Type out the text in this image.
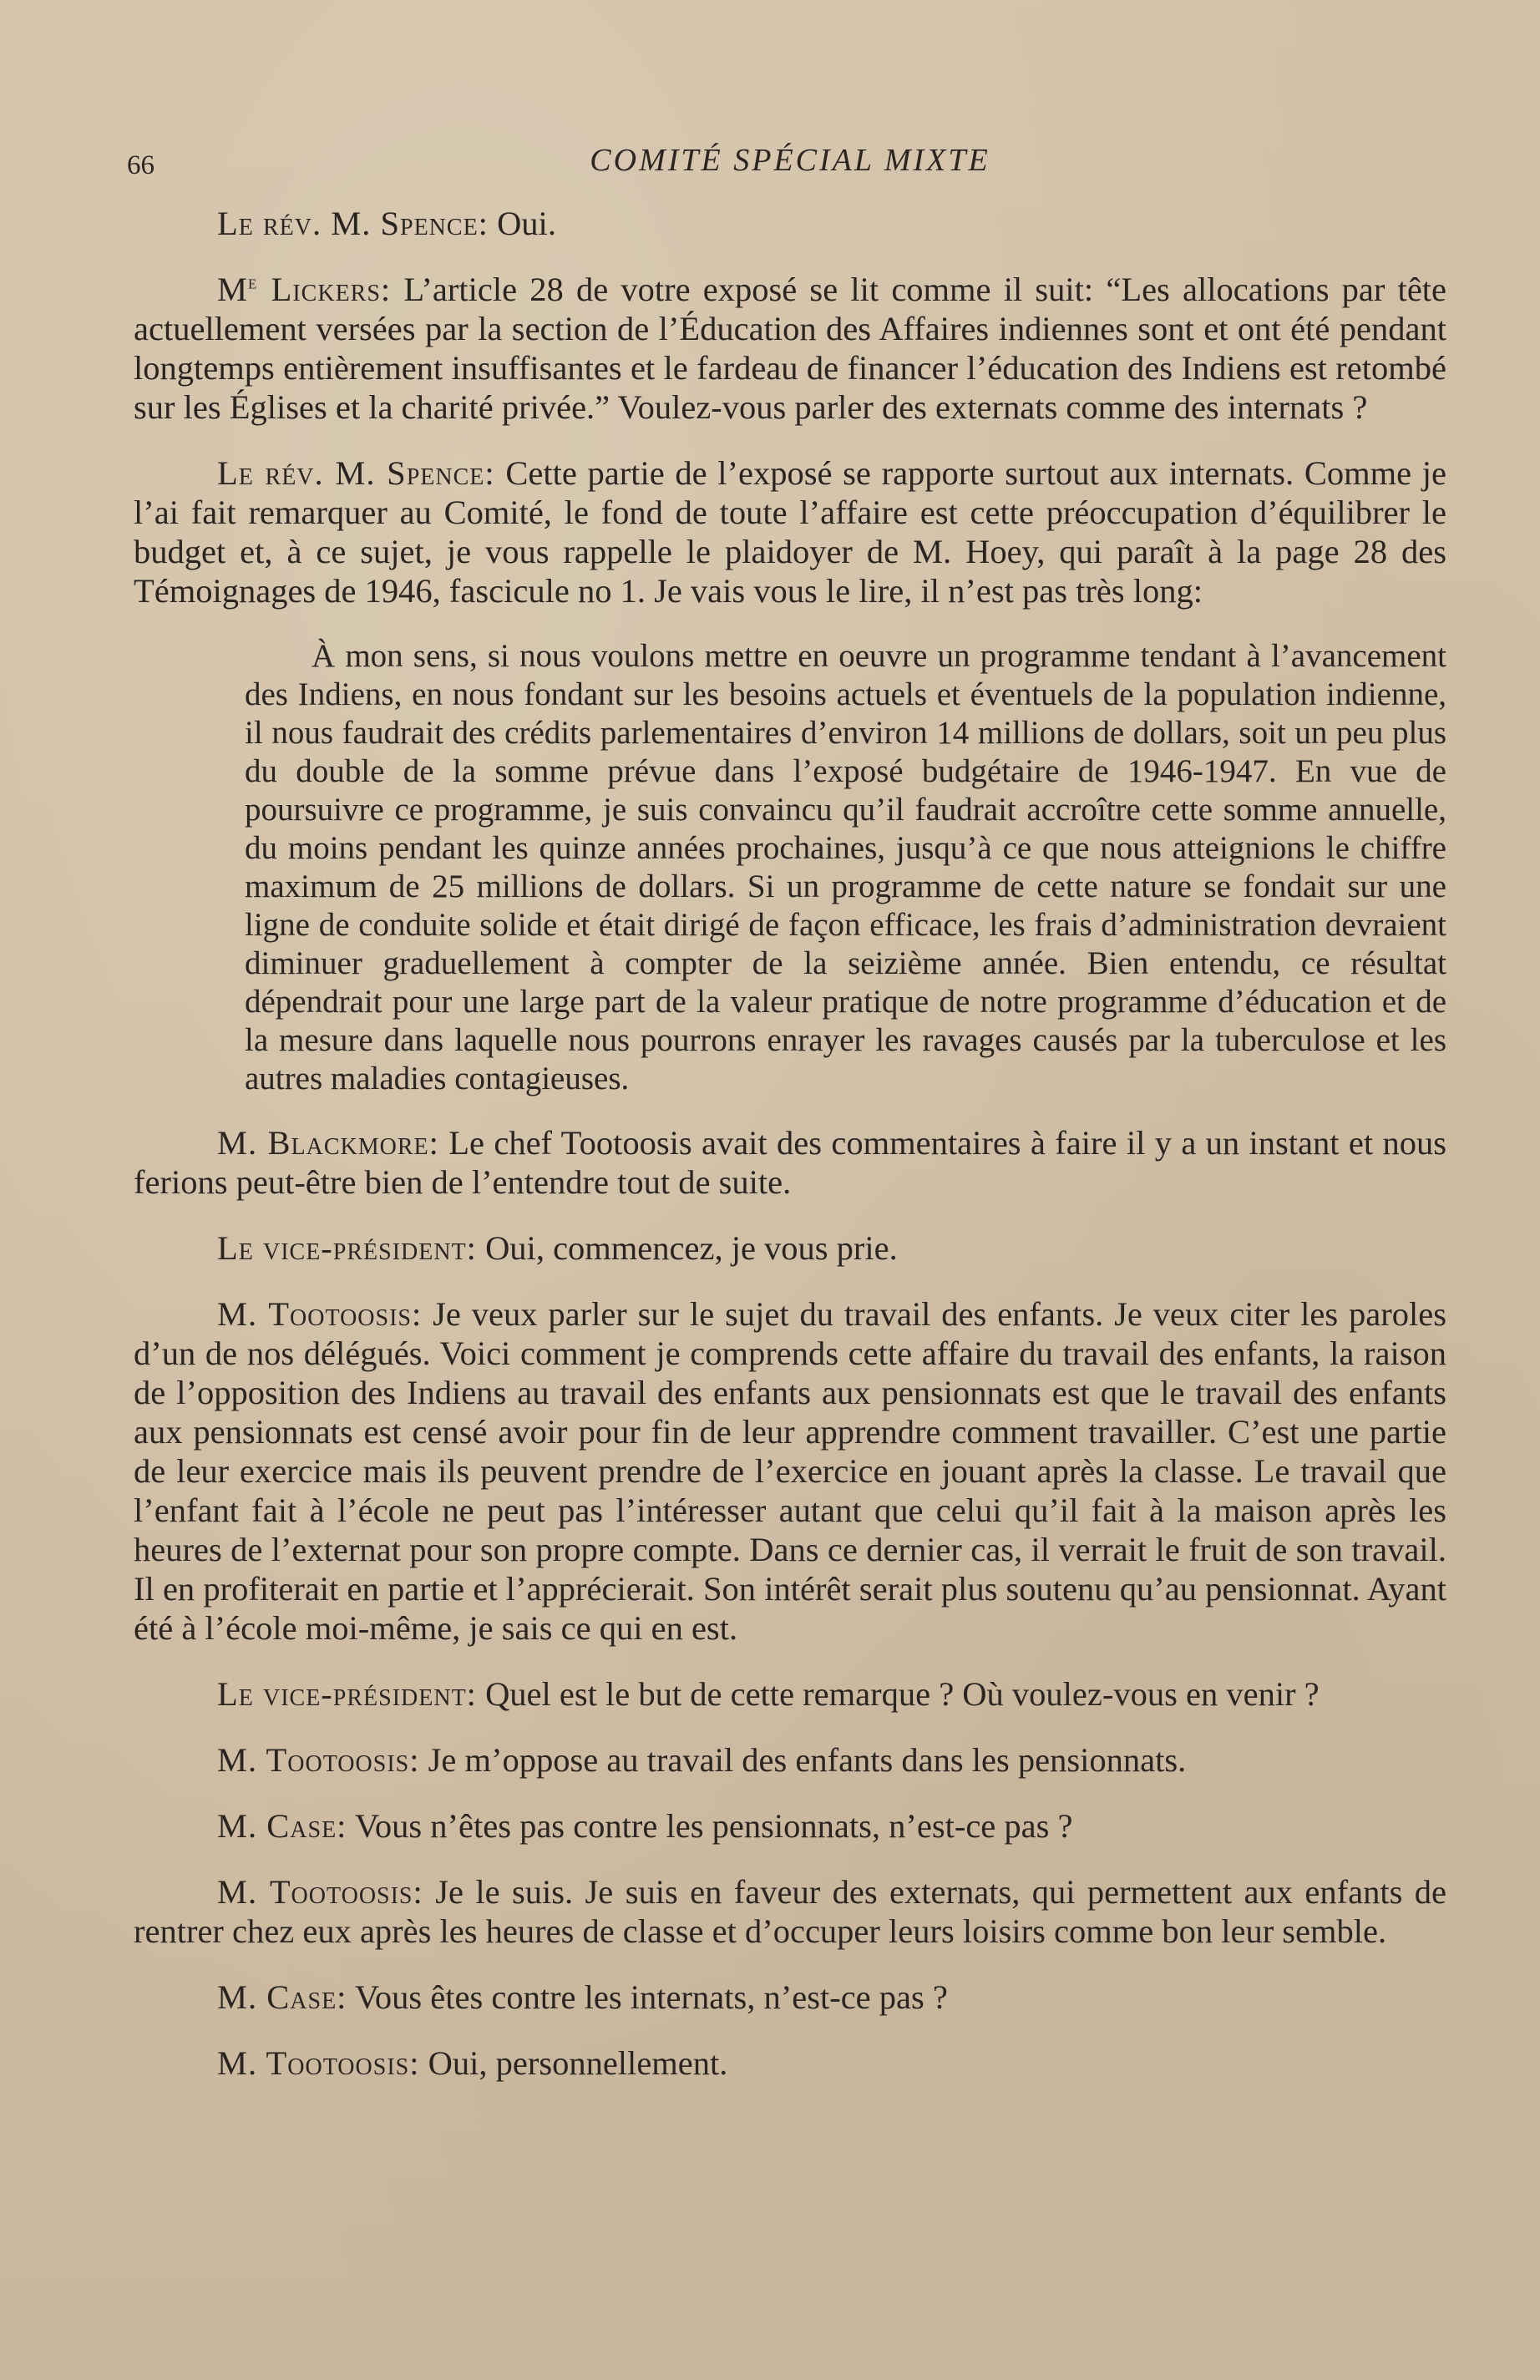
66	COMITÉ SPÉCIAL MIXTE

Le rév. M. Spence: Oui.

Me Lickers: L’article 28 de votre exposé se lit comme il suit: “Les allocations par tête actuellement versées par la section de l’Éducation des Affaires indiennes sont et ont été pendant longtemps entièrement insuffisantes et le fardeau de financer l’éducation des Indiens est retombé sur les Églises et la charité privée.” Voulez-vous parler des externats comme des internats ?

Le rév. M. Spence: Cette partie de l’exposé se rapporte surtout aux internats. Comme je l’ai fait remarquer au Comité, le fond de toute l’affaire est cette préoccupation d’équilibrer le budget et, à ce sujet, je vous rappelle le plaidoyer de M. Hoey, qui paraît à la page 28 des Témoignages de 1946, fascicule no 1. Je vais vous le lire, il n’est pas très long:

À mon sens, si nous voulons mettre en oeuvre un programme tendant à l’avancement des Indiens, en nous fondant sur les besoins actuels et éventuels de la population indienne, il nous faudrait des crédits parlementaires d’environ 14 millions de dollars, soit un peu plus du double de la somme prévue dans l’exposé budgétaire de 1946-1947. En vue de poursuivre ce programme, je suis convaincu qu’il faudrait accroître cette somme annuelle, du moins pendant les quinze années prochaines, jusqu’à ce que nous atteignions le chiffre maximum de 25 millions de dollars. Si un programme de cette nature se fondait sur une ligne de conduite solide et était dirigé de façon efficace, les frais d’administration devraient diminuer graduellement à compter de la seizième année. Bien entendu, ce résultat dépendrait pour une large part de la valeur pratique de notre programme d’éducation et de la mesure dans laquelle nous pourrons enrayer les ravages causés par la tuberculose et les autres maladies contagieuses.

M. Blackmore: Le chef Tootoosis avait des commentaires à faire il y a un instant et nous ferions peut-être bien de l’entendre tout de suite.

Le vice-président: Oui, commencez, je vous prie.

M. Tootoosis: Je veux parler sur le sujet du travail des enfants. Je veux citer les paroles d’un de nos délégués. Voici comment je comprends cette affaire du travail des enfants, la raison de l’opposition des Indiens au travail des enfants aux pensionnats est que le travail des enfants aux pensionnats est censé avoir pour fin de leur apprendre comment travailler. C’est une partie de leur exercice mais ils peuvent prendre de l’exercice en jouant après la classe. Le travail que l’enfant fait à l’école ne peut pas l’intéresser autant que celui qu’il fait à la maison après les heures de l’externat pour son propre compte. Dans ce dernier cas, il verrait le fruit de son travail. Il en profiterait en partie et l’apprécierait. Son intérêt serait plus soutenu qu’au pensionnat. Ayant été à l’école moi-même, je sais ce qui en est.

Le vice-président: Quel est le but de cette remarque ? Où voulez-vous en venir ?

M. Tootoosis: Je m’oppose au travail des enfants dans les pensionnats.

M. Case: Vous n’êtes pas contre les pensionnats, n’est-ce pas ?

M. Tootoosis: Je le suis. Je suis en faveur des externats, qui permettent aux enfants de rentrer chez eux après les heures de classe et d’occuper leurs loisirs comme bon leur semble.

M. Case: Vous êtes contre les internats, n’est-ce pas ?

M. Tootoosis: Oui, personnellement.
